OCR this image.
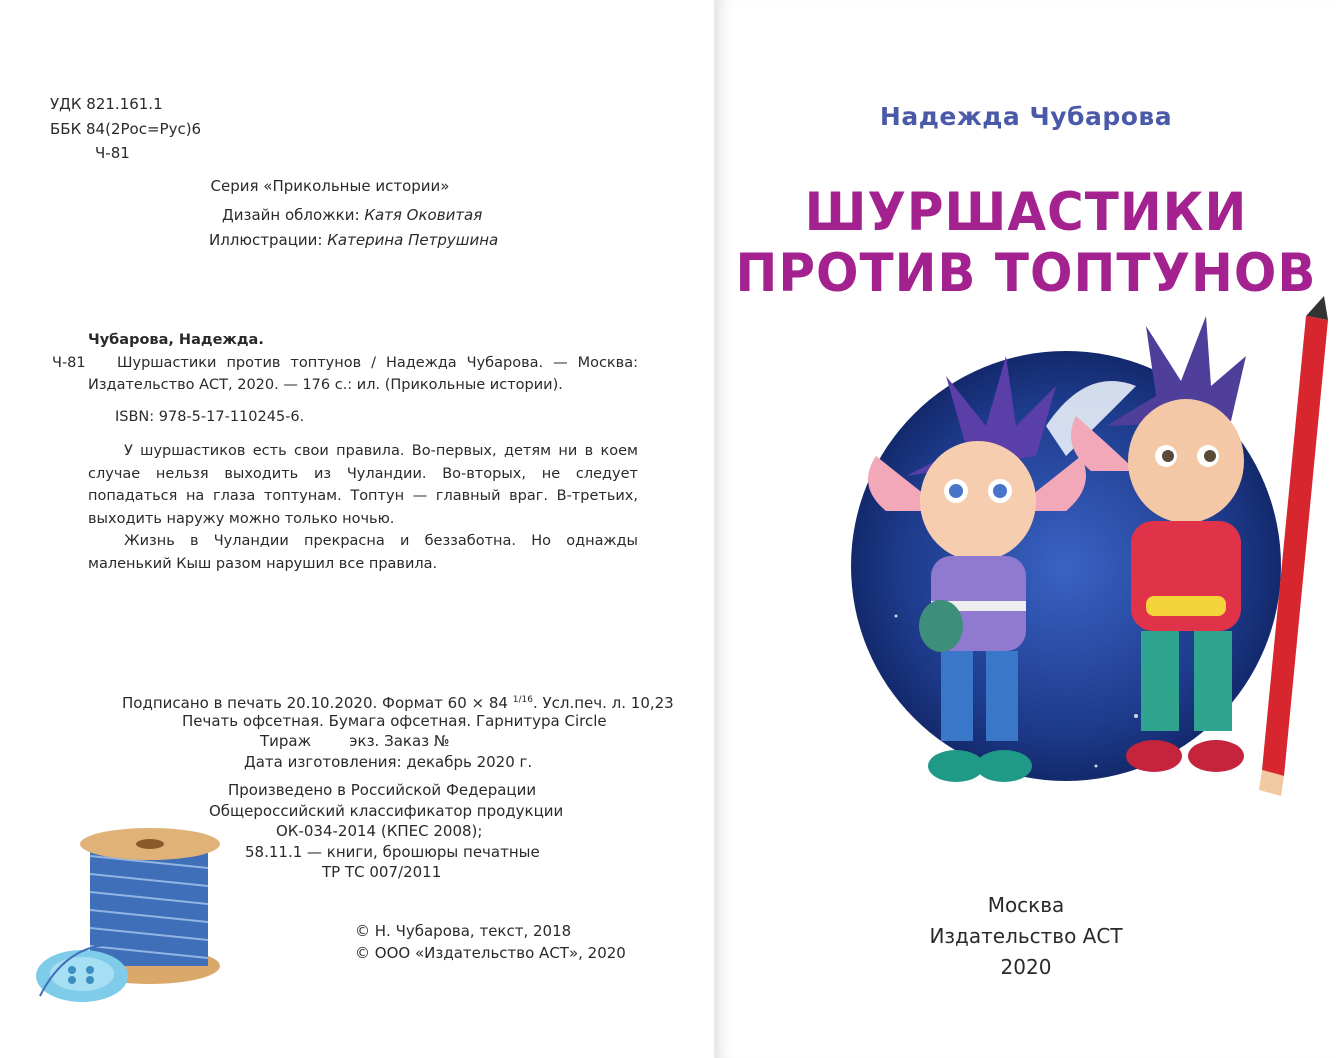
УДК 821.161.1
ББК 84(2Рос=Рус)6
Ч-81
Серия «Прикольные истории»
Дизайн обложки: Катя Оковитая
Иллюстрации: Катерина Петрушина
Чубарова, Надежда.
Ч-81 Шуршастики против топтунов / Надежда Чубарова. — Москва:
Издательство АСТ, 2020. — 176 с.: ил. (Прикольные истории).
ISBN: 978-5-17-110245-6.

У шуршастиков есть свои правила. Во-первых, детям ни в коем случае нельзя выходить из Чуландии. Во-вторых, не следует попадаться на глаза топтунам. Топтун — главный враг. В-третьих, выходить наружу можно только ночью.

Жизнь в Чуландии прекрасна и беззаботна. Но однажды маленький Кыш разом нарушил все правила.

Подписано в печать 20.10.2020. Формат 60 × 84 $^{1/16}$. Усл.печ. л. 10,23
Печать офсетная. Бумага офсетная. Гарнитура Circle
Тираж        экз. Заказ №
Дата изготовления: декабрь 2020 г.
Произведено в Российской Федерации
Общероссийский классификатор продукции
ОК-034-2014 (КПЕС 2008);
58.11.1 — книги, брошюры печатные
ТР ТС 007/2011
© Н. Чубарова, текст, 2018
© ООО «Издательство АСТ», 2020
Надежда Чубарова
ШУРШАСТИКИ
ПРОТИВ ТОПТУНОВ
Москва
Издательство АСТ
2020
